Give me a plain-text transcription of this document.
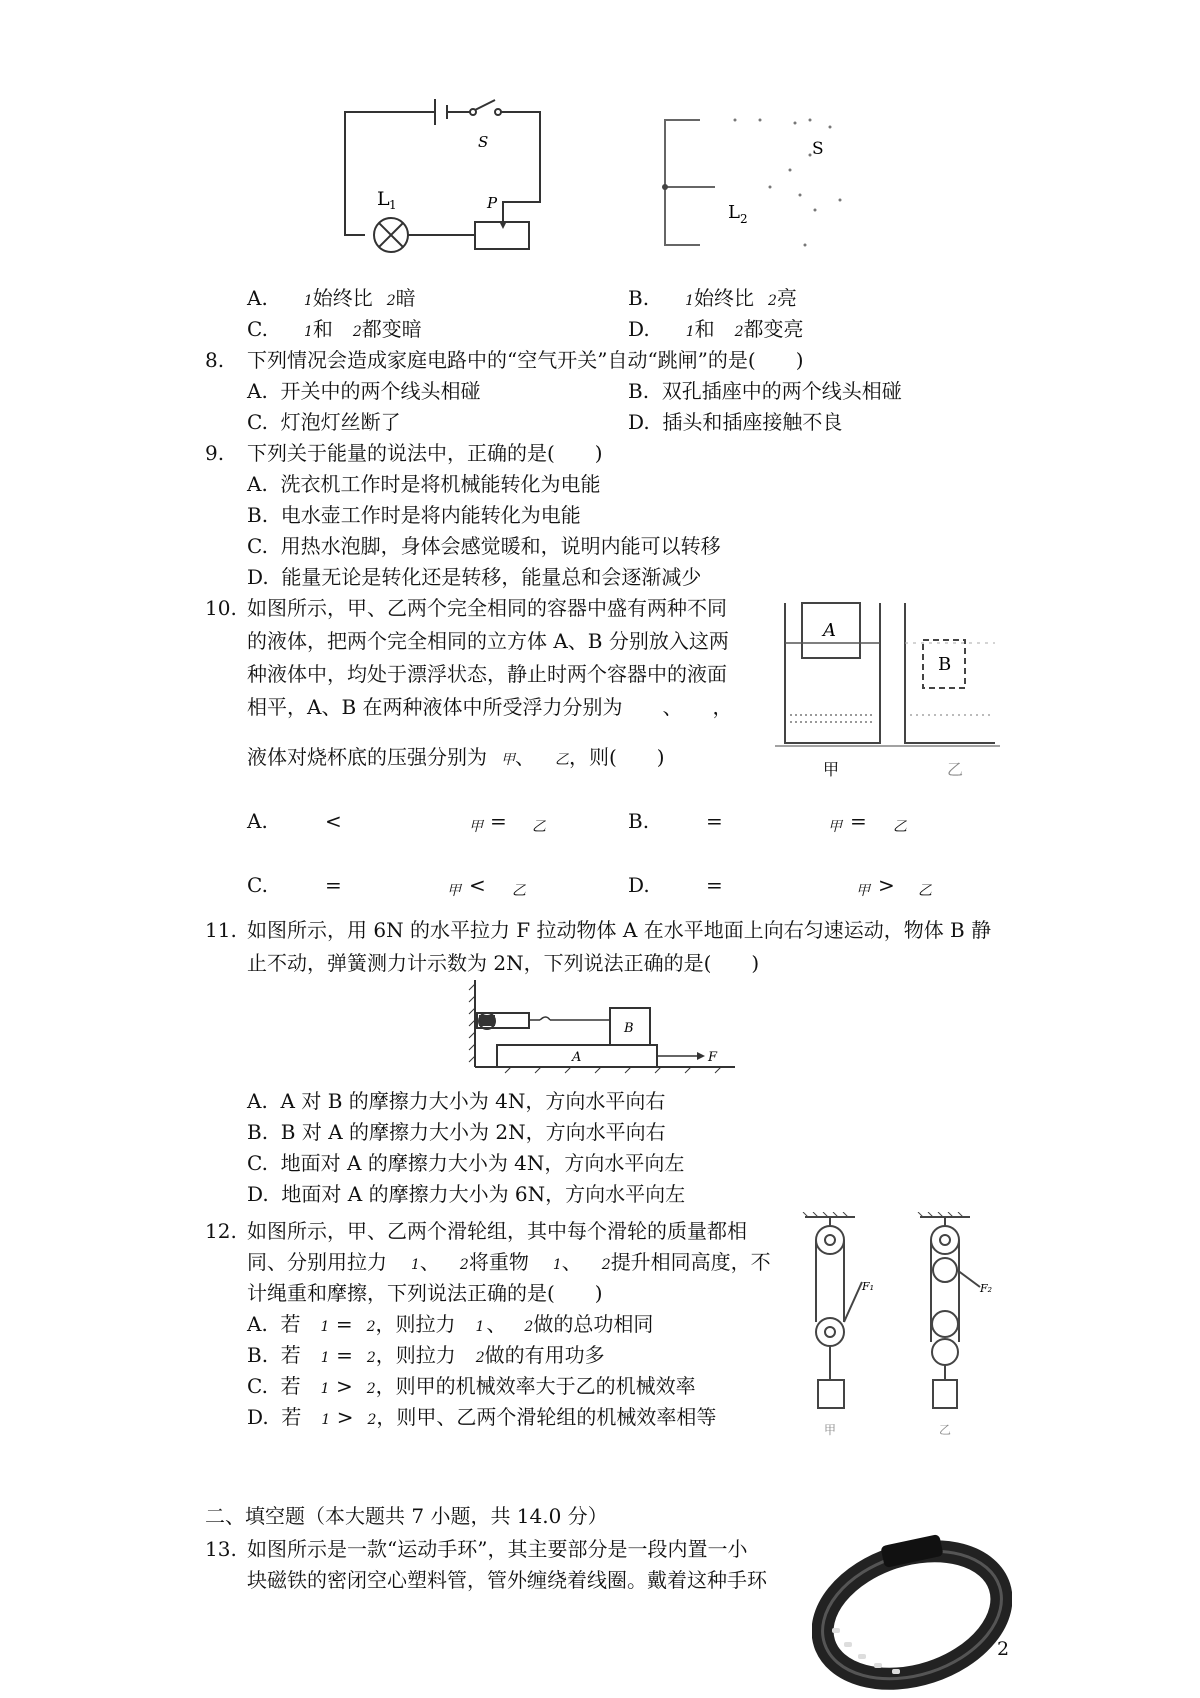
S
L 1	P
S
L 2
A.	1始终比 2暗	B.	1始终比 2亮
C.	1和 2都变暗	D.	1和 2都变亮
8. 下列情况会造成家庭电路中的“空气开关”自动“跳闸”的是(　　)
A. 开关中的两个线头相碰	B. 双孔插座中的两个线头相碰
C. 灯泡灯丝断了	D. 插头和插座接触不良
9. 下列关于能量的说法中，正确的是(　　)
A. 洗衣机工作时是将机械能转化为电能
B. 电水壶工作时是将内能转化为电能
C. 用热水泡脚，身体会感觉暖和，说明内能可以转移
D. 能量无论是转化还是转移，能量总和会逐渐减少
10. 如图所示，甲、乙两个完全相同的容器中盛有两种不同
的液体，把两个完全相同的立方体 A、B 分别放入这两
种液体中，均处于漂浮状态，静止时两个容器中的液面
相平，A、B 在两种液体中所受浮力分别为　　、　　，
液体对烧杯底的压强分别为 甲、 乙，则(　　)
A
B
甲	乙
A.	<	甲 = 乙	B.	=	甲 = 乙
C.	=	甲 < 乙	D.	=	甲 > 乙
11. 如图所示，用 6N 的水平拉力 F 拉动物体 A 在水平地面上向右匀速运动，物体 B 静
止不动，弹簧测力计示数为 2N，下列说法正确的是(　　)
A
B
F
A. A 对 B 的摩擦力大小为 4N，方向水平向右
B. B 对 A 的摩擦力大小为 2N，方向水平向右
C. 地面对 A 的摩擦力大小为 4N，方向水平向左
D. 地面对 A 的摩擦力大小为 6N，方向水平向左
12. 如图所示，甲、乙两个滑轮组，其中每个滑轮的质量都相
同、分别用拉力 1、 2将重物 1、 2提升相同高度，不
计绳重和摩擦，下列说法正确的是(　　)
A. 若 1 = 2，则拉力 1 、 2做的总功相同
B. 若 1 = 2，则拉力 2做的有用功多
C. 若 1 > 2，则甲的机械效率大于乙的机械效率
D. 若 1 > 2，则甲、乙两个滑轮组的机械效率相等
F₁	F₂
甲	乙
二、填空题（本大题共 7 小题，共 14.0 分）
13. 如图所示是一款“运动手环”，其主要部分是一段内置一小
块磁铁的密闭空心塑料管，管外缠绕着线圈。戴着这种手环
2
